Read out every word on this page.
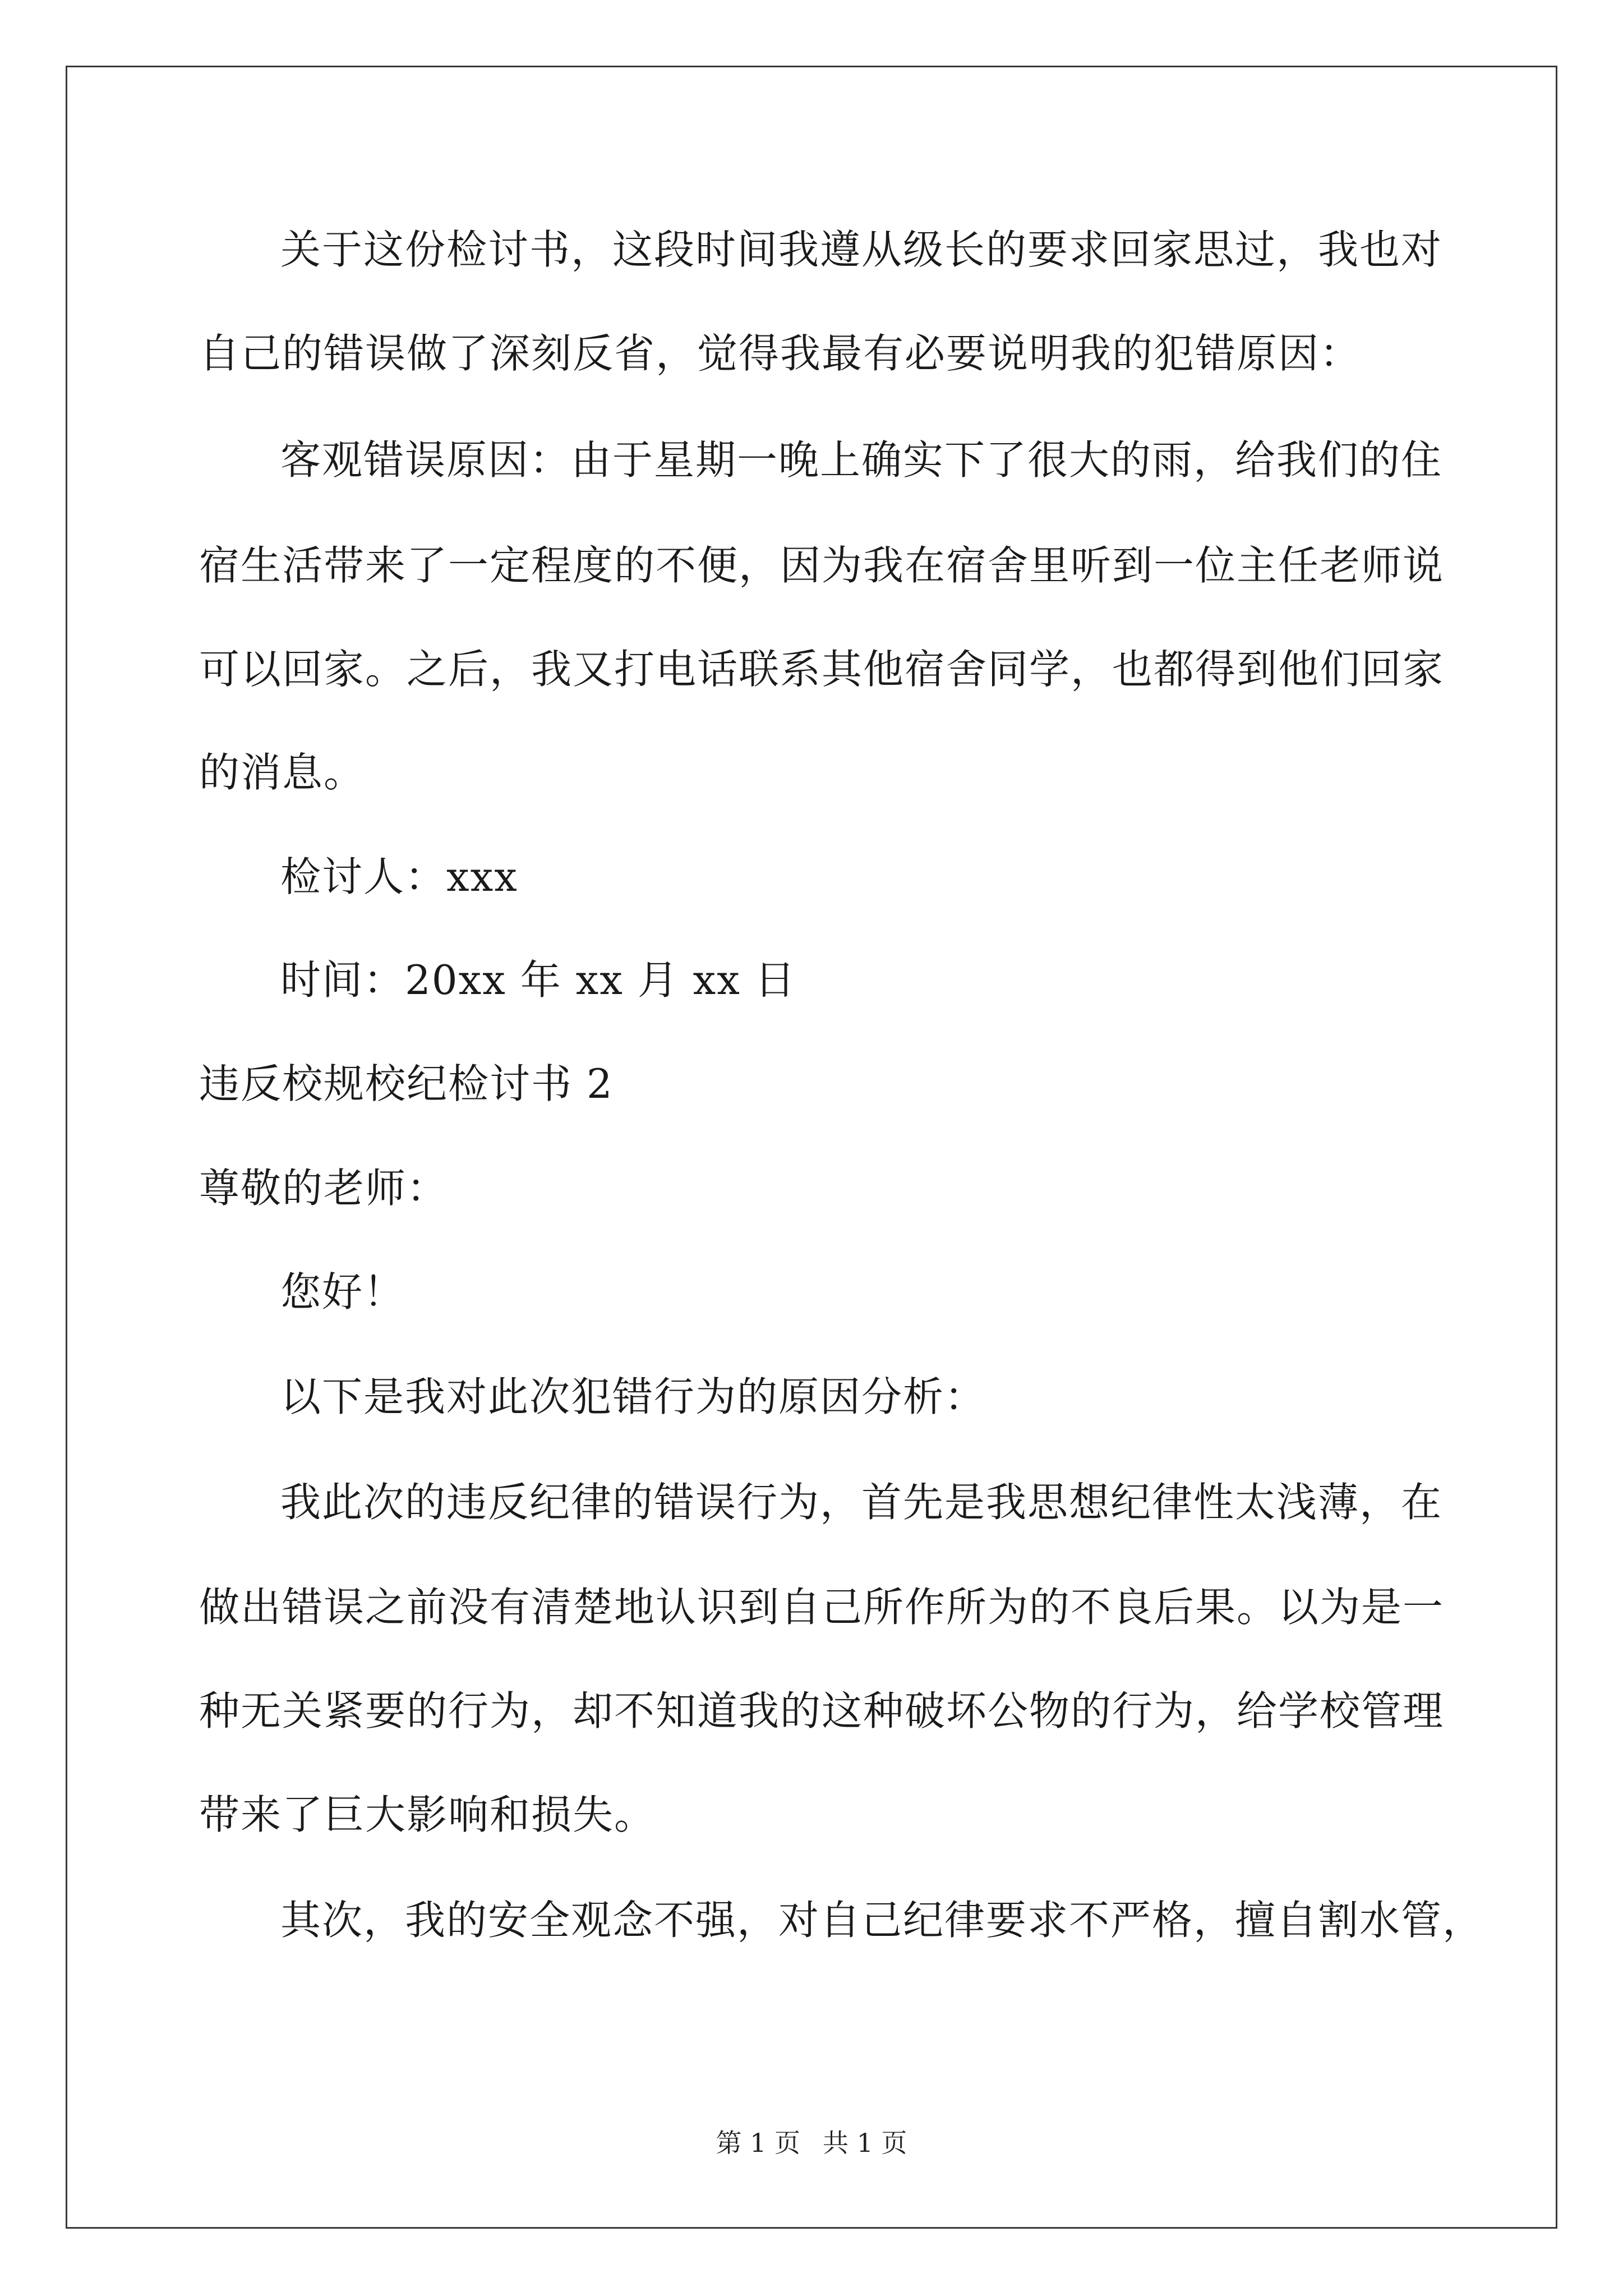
关于这份检讨书，这段时间我遵从级长的要求回家思过，我也对

自己的错误做了深刻反省，觉得我最有必要说明我的犯错原因：

客观错误原因：由于星期一晚上确实下了很大的雨，给我们的住

宿生活带来了一定程度的不便，因为我在宿舍里听到一位主任老师说

可以回家。之后，我又打电话联系其他宿舍同学，也都得到他们回家

的消息。

检讨人：xxx

时间：20xx 年 xx 月 xx 日

违反校规校纪检讨书 2

尊敬的老师：

您好！

以下是我对此次犯错行为的原因分析：

我此次的违反纪律的错误行为，首先是我思想纪律性太浅薄，在

做出错误之前没有清楚地认识到自己所作所为的不良后果。以为是一

种无关紧要的行为，却不知道我的这种破坏公物的行为，给学校管理

带来了巨大影响和损失。

其次，我的安全观念不强，对自己纪律要求不严格，擅自割水管，

第 1 页 共 1 页
